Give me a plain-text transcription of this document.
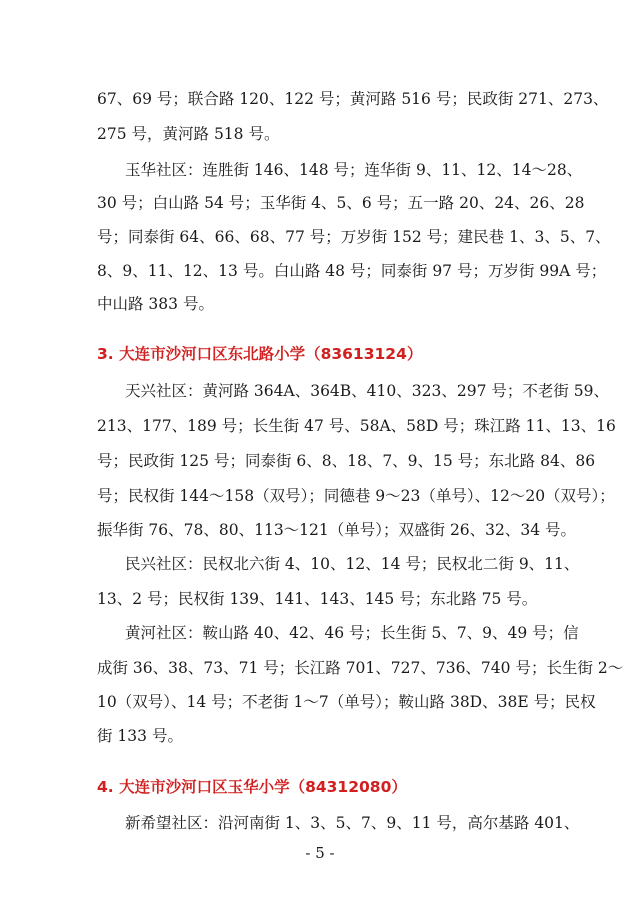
67、69 号；联合路 120、122 号；黄河路 516 号；民政街 271、273、
275 号，黄河路 518 号。
玉华社区：连胜街 146、148 号；连华街 9、11、12、14～28、
30 号；白山路 54 号；玉华街 4、5、6 号；五一路 20、24、26、28
号；同泰街 64、66、68、77 号；万岁街 152 号；建民巷 1、3、5、7、
8、9、11、12、13 号。白山路 48 号；同泰街 97 号；万岁街 99A 号；
中山路 383 号。
3. 大连市沙河口区东北路小学（83613124）
天兴社区：黄河路 364A、364B、410、323、297 号；不老街 59、
213、177、189 号；长生街 47 号、58A、58D 号；珠江路 11、13、16
号；民政街 125 号；同泰街 6、8、18、7、9、15 号；东北路 84、86
号；民权街 144～158（双号）；同德巷 9～23（单号）、12～20（双号）；
振华街 76、78、80、113～121（单号）；双盛街 26、32、34 号。
民兴社区：民权北六街 4、10、12、14 号；民权北二街 9、11、
13、2 号；民权街 139、141、143、145 号；东北路 75 号。
黄河社区：鞍山路 40、42、46 号；长生街 5、7、9、49 号；信
成街 36、38、73、71 号；长江路 701、727、736、740 号；长生街 2～
10（双号）、14 号；不老街 1～7（单号）；鞍山路 38D、38E 号；民权
街 133 号。
4. 大连市沙河口区玉华小学（84312080）
新希望社区：沿河南街 1、3、5、7、9、11 号，高尔基路 401、
- 5 -
